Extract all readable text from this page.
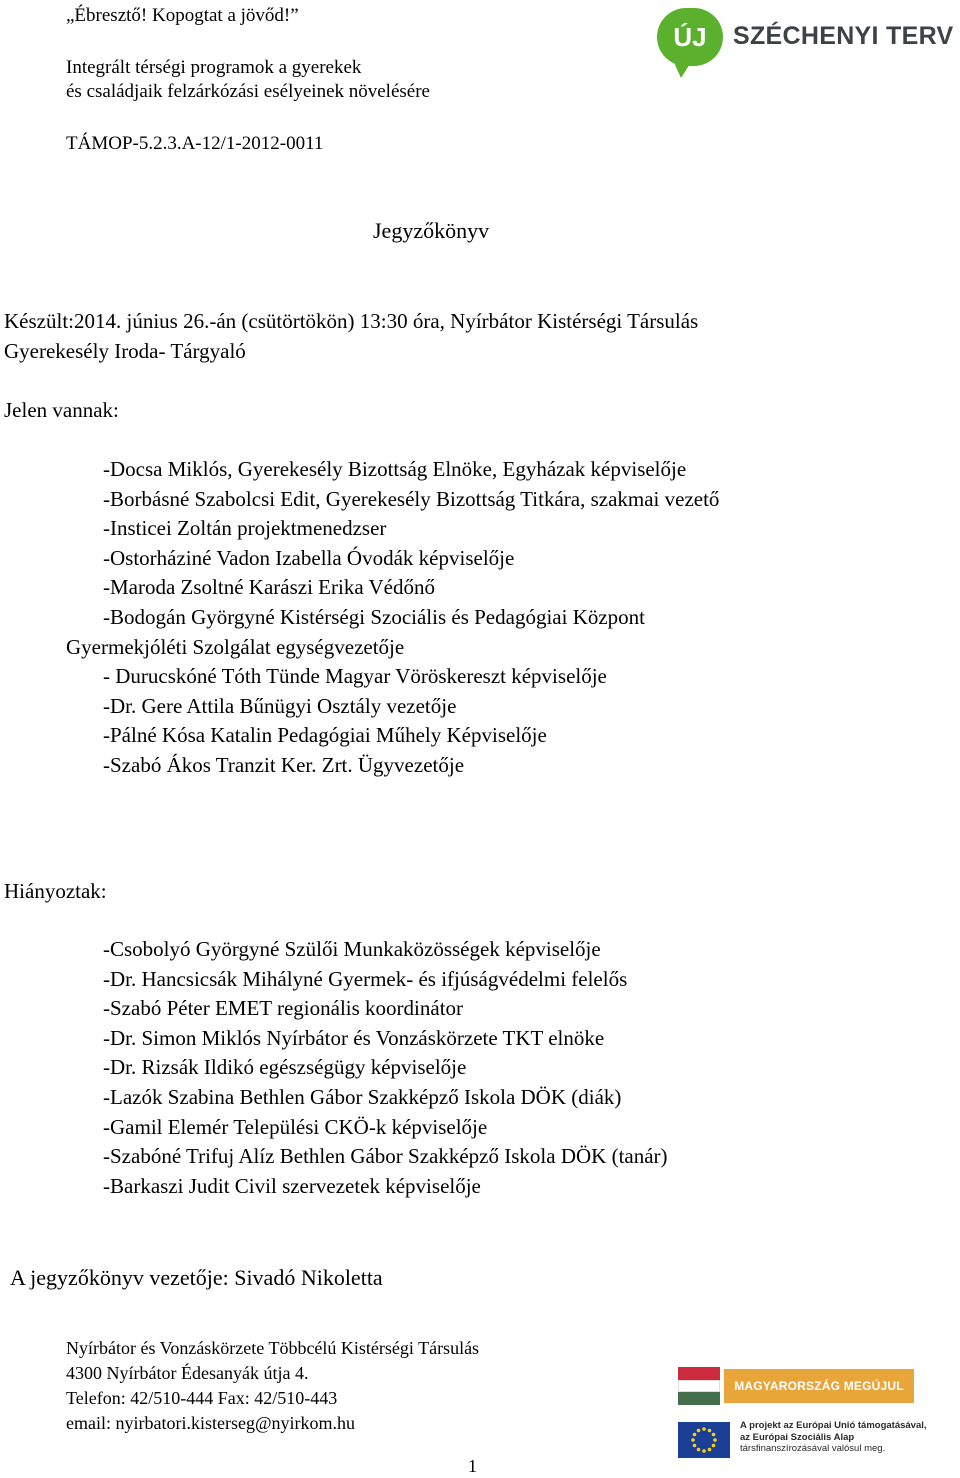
„Ébresztő! Kopogtat a jövőd!”
Integrált térségi programok a gyerekek
és családjaik felzárkózási esélyeinek növelésére
TÁMOP-5.2.3.A-12/1-2012-0011
ÚJ	SZÉCHENYI TERV
Jegyzőkönyv
Készült:2014. június 26.-án (csütörtökön) 13:30 óra, Nyírbátor Kistérségi Társulás
Gyerekesély Iroda- Tárgyaló
Jelen vannak:
-Docsa Miklós, Gyerekesély Bizottság Elnöke, Egyházak képviselője
-Borbásné Szabolcsi Edit, Gyerekesély Bizottság Titkára, szakmai vezető
-Insticei Zoltán projektmenedzser
-Ostorháziné Vadon Izabella Óvodák képviselője
-Maroda Zsoltné Karászi Erika Védőnő
-Bodogán Györgyné Kistérségi Szociális és Pedagógiai Központ
Gyermekjóléti Szolgálat egységvezetője
- Durucskóné Tóth Tünde Magyar Vöröskereszt képviselője
-Dr. Gere Attila Bűnügyi Osztály vezetője
-Pálné Kósa Katalin Pedagógiai Műhely Képviselője
-Szabó Ákos Tranzit Ker. Zrt. Ügyvezetője
Hiányoztak:
-Csobolyó Györgyné Szülői Munkaközösségek képviselője
-Dr. Hancsicsák Mihályné Gyermek- és ifjúságvédelmi felelős
-Szabó Péter EMET regionális koordinátor
-Dr. Simon Miklós Nyírbátor és Vonzáskörzete TKT elnöke
-Dr. Rizsák Ildikó egészségügy képviselője
-Lazók Szabina Bethlen Gábor Szakképző Iskola DÖK (diák)
-Gamil Elemér Települési CKÖ-k képviselője
-Szabóné Trifuj Alíz Bethlen Gábor Szakképző Iskola DÖK (tanár)
-Barkaszi Judit Civil szervezetek képviselője
A jegyzőkönyv vezetője: Sivadó Nikoletta
Nyírbátor és Vonzáskörzete Többcélú Kistérségi Társulás
4300 Nyírbátor Édesanyák útja 4.
Telefon: 42/510-444 Fax: 42/510-443
email: nyirbatori.kisterseg@nyirkom.hu
1
MAGYARORSZÁG MEGÚJUL
A projekt az Európai Unió támogatásával,
az Európai Szociális Alap
társfinanszírozásával valósul meg.
